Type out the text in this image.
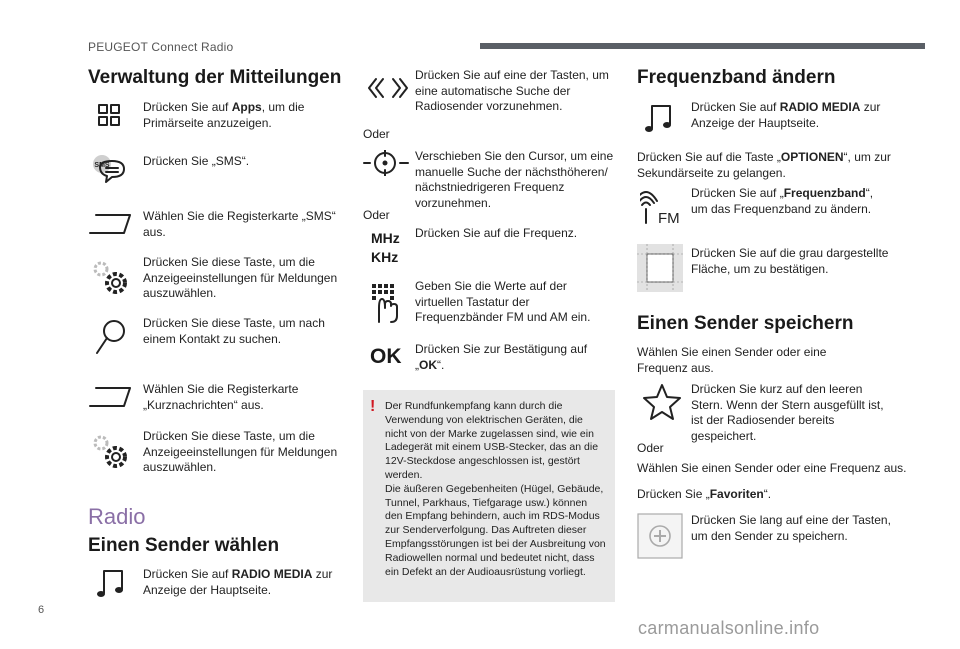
PEUGEOT Connect Radio
Verwaltung der Mitteilungen
Drücken Sie auf Apps, um die Primärseite anzuzeigen.
SMS	Drücken Sie „SMS“.
Wählen Sie die Registerkarte „SMS“ aus.
Drücken Sie diese Taste, um die Anzeigeeinstellungen für Meldungen auszuwählen.
Drücken Sie diese Taste, um nach einem Kontakt zu suchen.
Wählen Sie die Registerkarte „Kurznachrichten“ aus.
Drücken Sie diese Taste, um die Anzeigeeinstellungen für Meldungen auszuwählen.
Radio
Einen Sender wählen
Drücken Sie auf RADIO MEDIA zur Anzeige der Hauptseite.
Drücken Sie auf eine der Tasten, um eine automatische Suche der Radiosender vorzunehmen.
Oder
Verschieben Sie den Cursor, um eine manuelle Suche der nächsthöheren/ nächstniedrigeren Frequenz vorzunehmen.
Oder
MHz
KHz
Drücken Sie auf die Frequenz.
Geben Sie die Werte auf der virtuellen Tastatur der Frequenzbänder FM und AM ein.
OK Drücken Sie zur Bestätigung auf „OK“.
! Der Rundfunkempfang kann durch die Verwendung von elektrischen Geräten, die nicht von der Marke zugelassen sind, wie ein Ladegerät mit einem USB-Stecker, das an die 12V-Steckdose angeschlossen ist, gestört werden.
Die äußeren Gegebenheiten (Hügel, Gebäude, Tunnel, Parkhaus, Tiefgarage usw.) können den Empfang behindern, auch im RDS-Modus zur Senderverfolgung. Das Auftreten dieser Empfangsstörungen ist bei der Ausbreitung von Radiowellen normal und bedeutet nicht, dass ein Defekt an der Audioausrüstung vorliegt.
Frequenzband ändern
Drücken Sie auf RADIO MEDIA zur Anzeige der Hauptseite.
Drücken Sie auf die Taste „OPTIONEN“, um zur Sekundärseite zu gelangen.
FM
Drücken Sie auf „Frequenzband“, um das Frequenzband zu ändern.
Drücken Sie auf die grau dargestellte Fläche, um zu bestätigen.
Einen Sender speichern
Wählen Sie einen Sender oder eine Frequenz aus.
Drücken Sie kurz auf den leeren Stern. Wenn der Stern ausgefüllt ist, ist der Radiosender bereits gespeichert.
Oder
Wählen Sie einen Sender oder eine Frequenz aus.
Drücken Sie „Favoriten“.
Drücken Sie lang auf eine der Tasten, um den Sender zu speichern.
6
carmanualsonline.info
